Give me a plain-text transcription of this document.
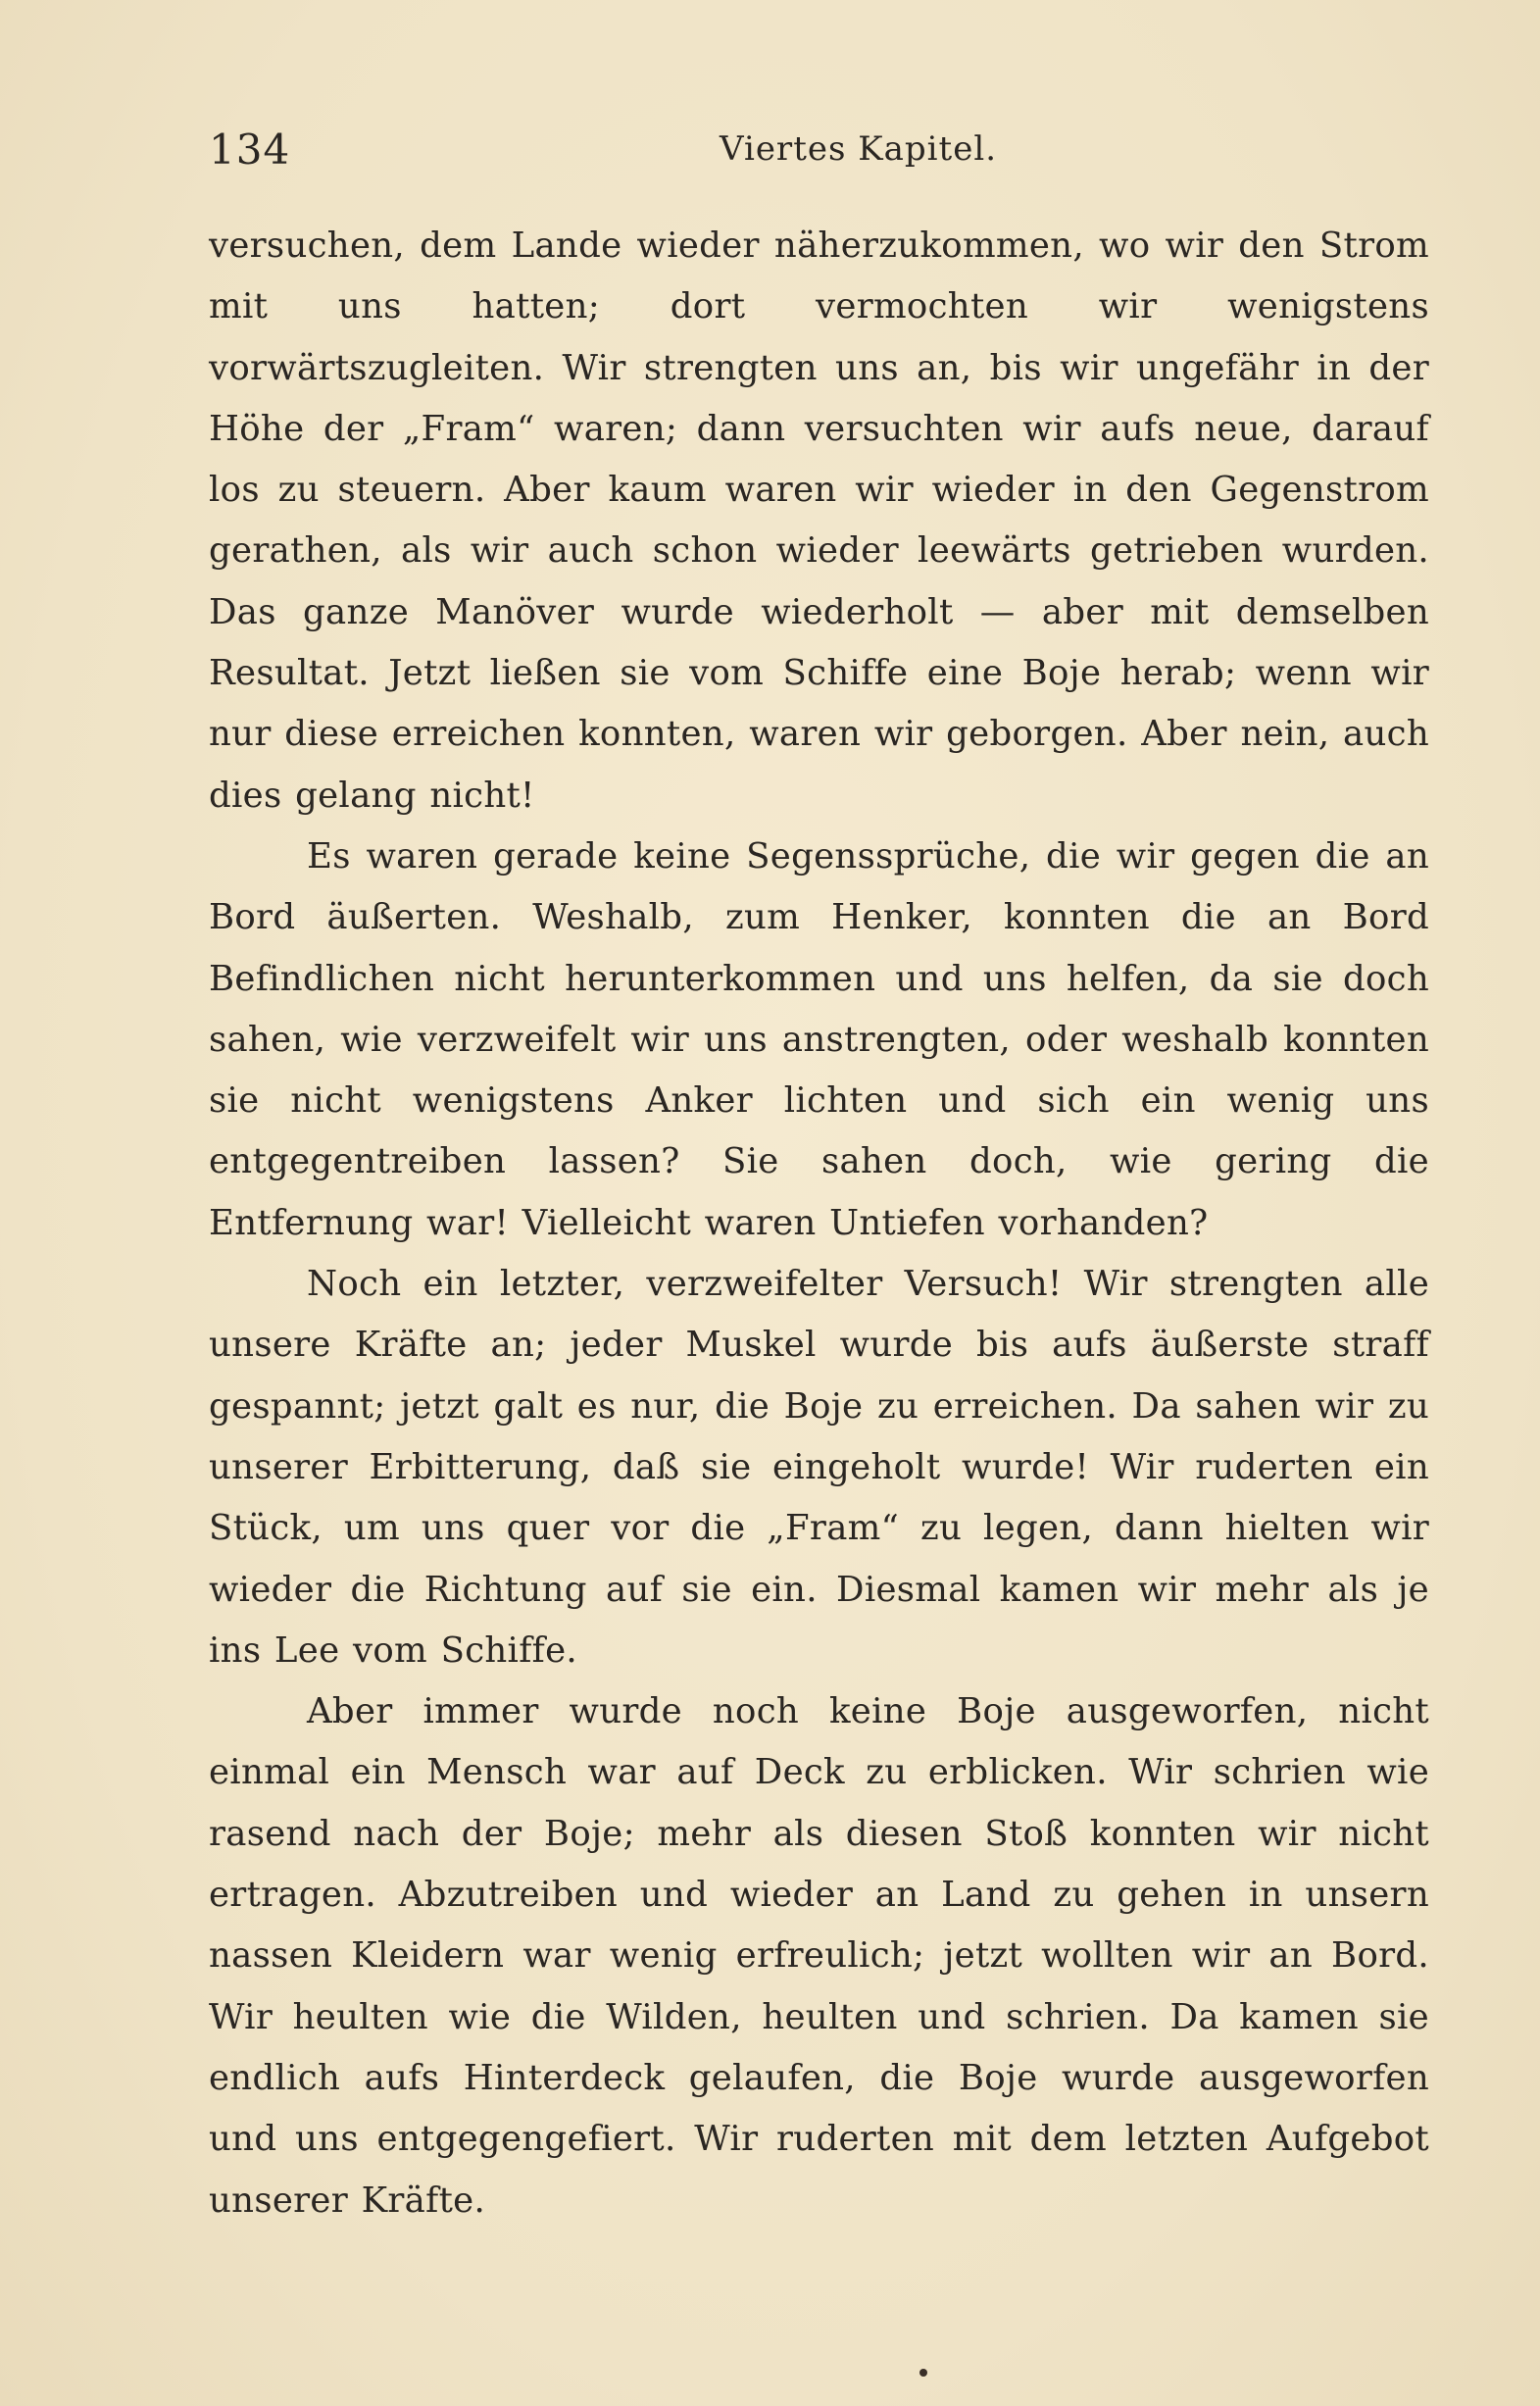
134	Viertes Kapitel.

versuchen, dem Lande wieder näherzukommen, wo wir den Strom mit uns hatten; dort vermochten wir wenigstens vorwärtszugleiten. Wir strengten uns an, bis wir ungefähr in der Höhe der „Fram“ waren; dann versuchten wir aufs neue, darauf los zu steuern. Aber kaum waren wir wieder in den Gegenstrom gerathen, als wir auch schon wieder leewärts getrieben wurden. Das ganze Manöver wurde wiederholt — aber mit demselben Resultat. Jetzt ließen sie vom Schiffe eine Boje herab; wenn wir nur diese erreichen konnten, waren wir geborgen. Aber nein, auch dies gelang nicht!

Es waren gerade keine Segenssprüche, die wir gegen die an Bord äußerten. Weshalb, zum Henker, konnten die an Bord Befindlichen nicht herunterkommen und uns helfen, da sie doch sahen, wie verzweifelt wir uns anstrengten, oder weshalb konnten sie nicht wenigstens Anker lichten und sich ein wenig uns entgegentreiben lassen? Sie sahen doch, wie gering die Entfernung war! Vielleicht waren Untiefen vorhanden?

Noch ein letzter, verzweifelter Versuch! Wir strengten alle unsere Kräfte an; jeder Muskel wurde bis aufs äußerste straff gespannt; jetzt galt es nur, die Boje zu erreichen. Da sahen wir zu unserer Erbitterung, daß sie eingeholt wurde! Wir ruderten ein Stück, um uns quer vor die „Fram“ zu legen, dann hielten wir wieder die Richtung auf sie ein. Diesmal kamen wir mehr als je ins Lee vom Schiffe.

Aber immer wurde noch keine Boje ausgeworfen, nicht einmal ein Mensch war auf Deck zu erblicken. Wir schrien wie rasend nach der Boje; mehr als diesen Stoß konnten wir nicht ertragen. Abzutreiben und wieder an Land zu gehen in unsern nassen Kleidern war wenig erfreulich; jetzt wollten wir an Bord. Wir heulten wie die Wilden, heulten und schrien. Da kamen sie endlich aufs Hinterdeck gelaufen, die Boje wurde ausgeworfen und uns entgegengefiert. Wir ruderten mit dem letzten Aufgebot unserer Kräfte.
